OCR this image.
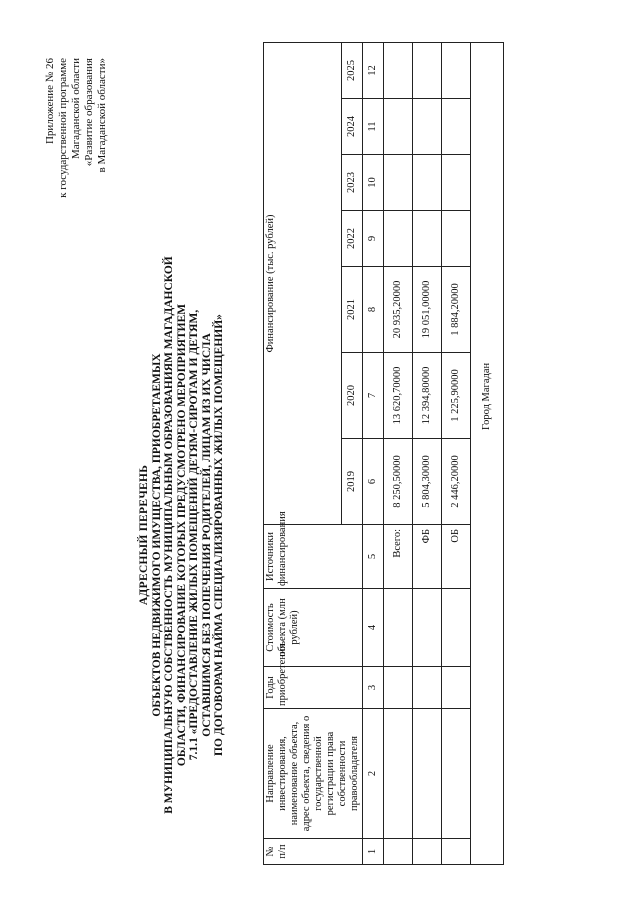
Приложение № 26 к государственной программе Магаданской области «Развитие образования в Магаданской области»
АДРЕСНЫЙ ПЕРЕЧЕНЬ ОБЪЕКТОВ НЕДВИЖИМОГО ИМУЩЕСТВА, ПРИОБРЕТАЕМЫХ В МУНИЦИПАЛЬНУЮ СОБСТВЕННОСТЬ МУНИЦИПАЛЬНЫМ ОБРАЗОВАНИЯМ МАГАДАНСКОЙ ОБЛАСТИ, ФИНАНСИРОВАНИЕ КОТОРЫХ ПРЕДУСМОТРЕНО МЕРОПРИЯТИЕМ 7.1.1 «ПРЕДОСТАВЛЕНИЕ ЖИЛЫХ ПОМЕЩЕНИЙ ДЕТЯМ-СИРОТАМ И ДЕТЯМ, ОСТАВШИМСЯ БЕЗ ПОПЕЧЕНИЯ РОДИТЕЛЕЙ, ЛИЦАМ ИЗ ИХ ЧИСЛА ПО ДОГОВОРАМ НАЙМА СПЕЦИАЛИЗИРОВАННЫХ ЖИЛЫХ ПОМЕЩЕНИЙ»
№ п/п	Направление инвестирования, наименование объекта, адрес объекта, сведения о государственной регистрации права собственности правообладателя	Годы приобретения	Стоимость объекта (млн рублей)	Источники финансирования	Финансирование (тыс. рублей)						
					2019	2020	2021	2022	2023	2024	2025
1	2	3	4	5	6	7	8	9	10	11	12
				Всего:	8 250,50000	13 620,70000	20 935,20000				
				ФБ	5 804,30000	12 394,80000	19 051,00000				
				ОБ	2 446,20000	1 225,90000	1 884,20000				
Город Магадан											
